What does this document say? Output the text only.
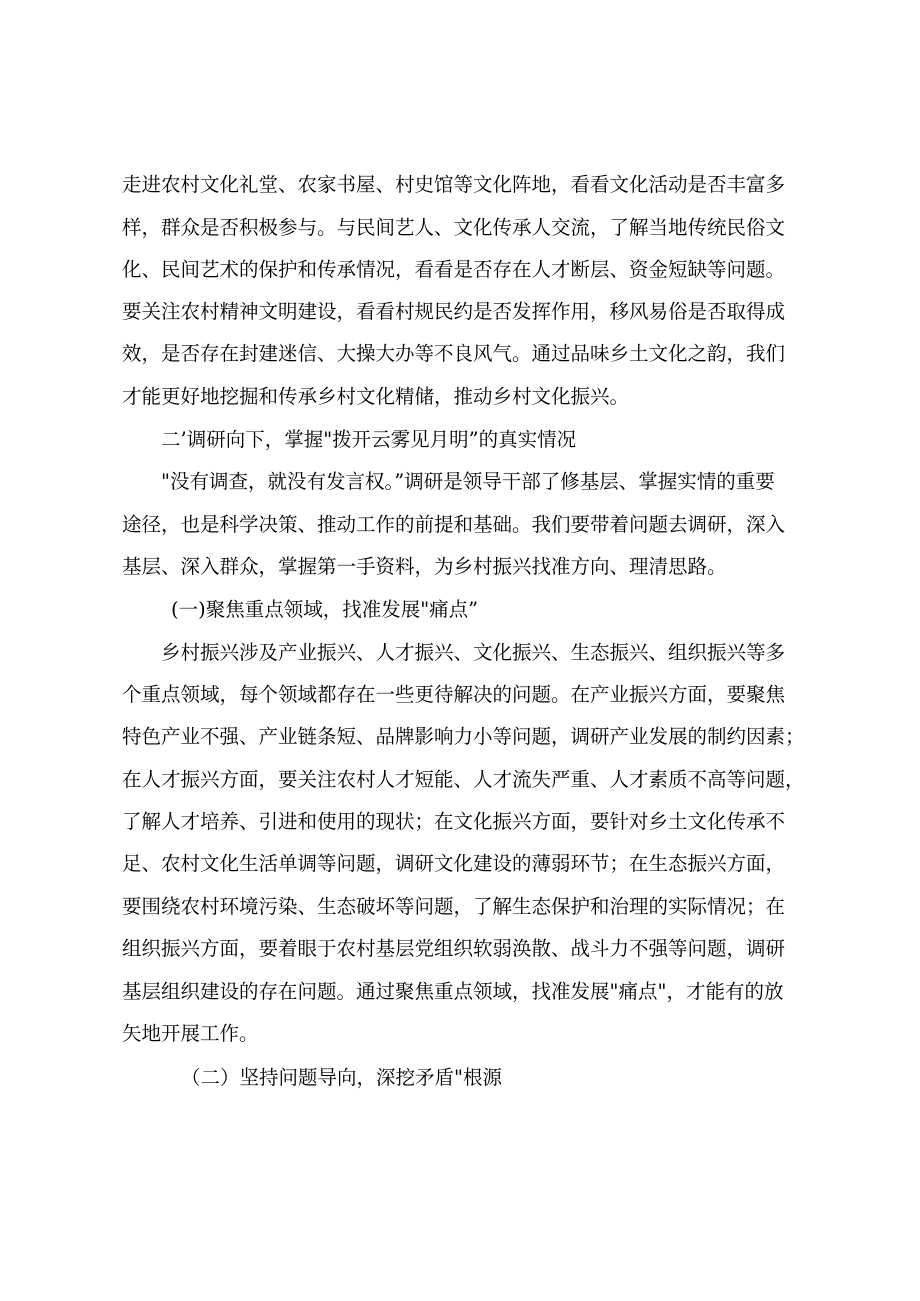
走进农村文化礼堂、农家书屋、村史馆等文化阵地，看看文化活动是否丰富多
样，群众是否积极参与。与民间艺人、文化传承人交流，了解当地传统民俗文
化、民间艺术的保护和传承情况，看看是否存在人才断层、资金短缺等问题。
要关注农村精神文明建设，看看村规民约是否发挥作用，移风易俗是否取得成
效，是否存在封建迷信、大操大办等不良风气。通过品味乡土文化之韵，我们
才能更好地挖掘和传承乡村文化精储，推动乡村文化振兴。
二’调研向下，掌握"拨开云雾见月明”的真实情况
"没有调查，就没有发言权。”调研是领导干部了修基层、掌握实情的重要
途径，也是科学决策、推动工作的前提和基础。我们要带着问题去调研，深入
基层、深入群众，掌握第一手资料，为乡村振兴找准方向、理清思路。
(一)聚焦重点领域，找准发展"痛点”
乡村振兴涉及产业振兴、人才振兴、文化振兴、生态振兴、组织振兴等多
个重点领域，每个领域都存在一些更待解决的问题。在产业振兴方面，要聚焦
特色产业不强、产业链条短、品牌影响力小等问题，调研产业发展的制约因素；
在人才振兴方面，要关注农村人才短能、人才流失严重、人才素质不高等问题，
了解人才培养、引进和使用的现状；在文化振兴方面，要针对乡土文化传承不
足、农村文化生活单调等问题，调研文化建设的薄弱环节；在生态振兴方面，
要围绕农村环境污染、生态破坏等问题，了解生态保护和治理的实际情况；在
组织振兴方面，要着眼于农村基层党组织软弱涣散、战斗力不强等问题，调研
基层组织建设的存在问题。通过聚焦重点领域，找准发展"痛点"，才能有的放
矢地开展工作。
（二）坚持问题导向，深挖矛盾"根源
